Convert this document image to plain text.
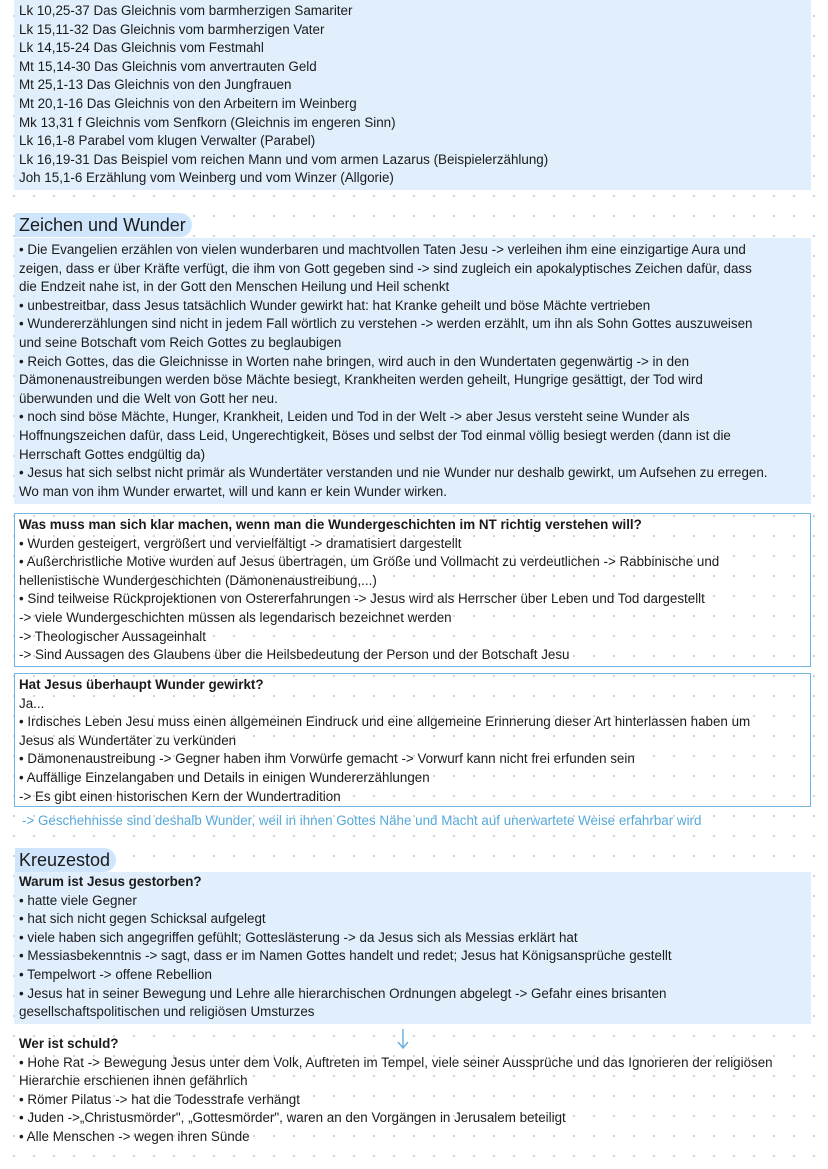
Lk 10,25-37 Das Gleichnis vom barmherzigen Samariter
Lk 15,11-32 Das Gleichnis vom barmherzigen Vater
Lk 14,15-24 Das Gleichnis vom Festmahl
Mt 15,14-30 Das Gleichnis vom anvertrauten Geld
Mt 25,1-13 Das Gleichnis von den Jungfrauen
Mt 20,1-16 Das Gleichnis von den Arbeitern im Weinberg
Mk 13,31 f Gleichnis vom Senfkorn (Gleichnis im engeren Sinn)
Lk 16,1-8 Parabel vom klugen Verwalter (Parabel)
Lk 16,19-31 Das Beispiel vom reichen Mann und vom armen Lazarus (Beispielerzählung)
Joh 15,1-6 Erzählung vom Weinberg und vom Winzer (Allgorie)
Zeichen und Wunder
• Die Evangelien erzählen von vielen wunderbaren und machtvollen Taten Jesu -> verleihen ihm eine einzigartige Aura und
zeigen, dass er über Kräfte verfügt, die ihm von Gott gegeben sind -> sind zugleich ein apokalyptisches Zeichen dafür, dass
die Endzeit nahe ist, in der Gott den Menschen Heilung und Heil schenkt
• unbestreitbar, dass Jesus tatsächlich Wunder gewirkt hat: hat Kranke geheilt und böse Mächte vertrieben
• Wundererzählungen sind nicht in jedem Fall wörtlich zu verstehen -> werden erzählt, um ihn als Sohn Gottes auszuweisen
und seine Botschaft vom Reich Gottes zu beglaubigen
• Reich Gottes, das die Gleichnisse in Worten nahe bringen, wird auch in den Wundertaten gegenwärtig -> in den
Dämonenaustreibungen werden böse Mächte besiegt, Krankheiten werden geheilt, Hungrige gesättigt, der Tod wird
überwunden und die Welt von Gott her neu.
• noch sind böse Mächte, Hunger, Krankheit, Leiden und Tod in der Welt -> aber Jesus versteht seine Wunder als
Hoffnungszeichen dafür, dass Leid, Ungerechtigkeit, Böses und selbst der Tod einmal völlig besiegt werden (dann ist die
Herrschaft Gottes endgültig da)
• Jesus hat sich selbst nicht primär als Wundertäter verstanden und nie Wunder nur deshalb gewirkt, um Aufsehen zu erregen.
Wo man von ihm Wunder erwartet, will und kann er kein Wunder wirken.
Was muss man sich klar machen, wenn man die Wundergeschichten im NT richtig verstehen will?
• Wurden gesteigert, vergrößert und vervielfältigt -> dramatisiert dargestellt
• Außerchristliche Motive wurden auf Jesus übertragen, um Größe und Vollmacht zu verdeutlichen -> Rabbinische und
hellenistische Wundergeschichten (Dämonenaustreibung,...)
• Sind teilweise Rückprojektionen von Ostererfahrungen -> Jesus wird als Herrscher über Leben und Tod dargestellt
-> viele Wundergeschichten müssen als legendarisch bezeichnet werden
-> Theologischer Aussageinhalt
-> Sind Aussagen des Glaubens über die Heilsbedeutung der Person und der Botschaft Jesu
Hat Jesus überhaupt Wunder gewirkt?
Ja...
• Irdisches Leben Jesu muss einen allgemeinen Eindruck und eine allgemeine Erinnerung dieser Art hinterlassen haben um
Jesus als Wundertäter zu verkünden
• Dämonenaustreibung -> Gegner haben ihm Vorwürfe gemacht -> Vorwurf kann nicht frei erfunden sein
• Auffällige Einzelangaben und Details in einigen Wundererzählungen
-> Es gibt einen historischen Kern der Wundertradition
-> Geschehnisse sind deshalb Wunder, weil in ihnen Gottes Nähe und Macht auf unerwartete Weise erfahrbar wird
Kreuzestod
Warum ist Jesus gestorben?
• hatte viele Gegner
• hat sich nicht gegen Schicksal aufgelegt
• viele haben sich angegriffen gefühlt; Gotteslästerung -> da Jesus sich als Messias erklärt hat
• Messiasbekenntnis -> sagt, dass er im Namen Gottes handelt und redet; Jesus hat Königsansprüche gestellt
• Tempelwort -> offene Rebellion
• Jesus hat in seiner Bewegung und Lehre alle hierarchischen Ordnungen abgelegt -> Gefahr eines brisanten
gesellschaftspolitischen und religiösen Umsturzes
Wer ist schuld?
• Hohe Rat -> Bewegung Jesus unter dem Volk, Auftreten im Tempel, viele seiner Aussprüche und das Ignorieren der religiösen
Hierarchie erschienen ihnen gefährlich
• Römer Pilatus -> hat die Todesstrafe verhängt
• Juden ->„Christusmörder", „Gottesmörder", waren an den Vorgängen in Jerusalem beteiligt
• Alle Menschen -> wegen ihren Sünde
